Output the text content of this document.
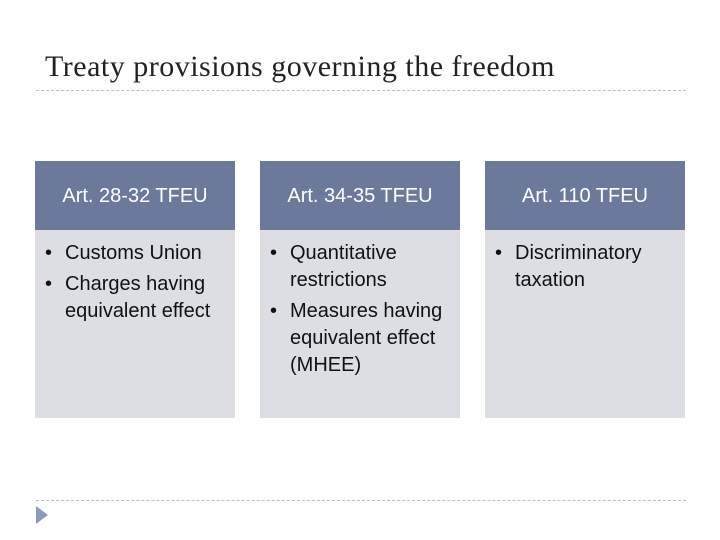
Treaty provisions governing the freedom
Art. 28-32 TFEU
• Customs Union
• Charges having equivalent effect
Art. 34-35 TFEU
• Quantitative restrictions
• Measures having equivalent effect (MHEE)
Art. 110 TFEU
• Discriminatory taxation
